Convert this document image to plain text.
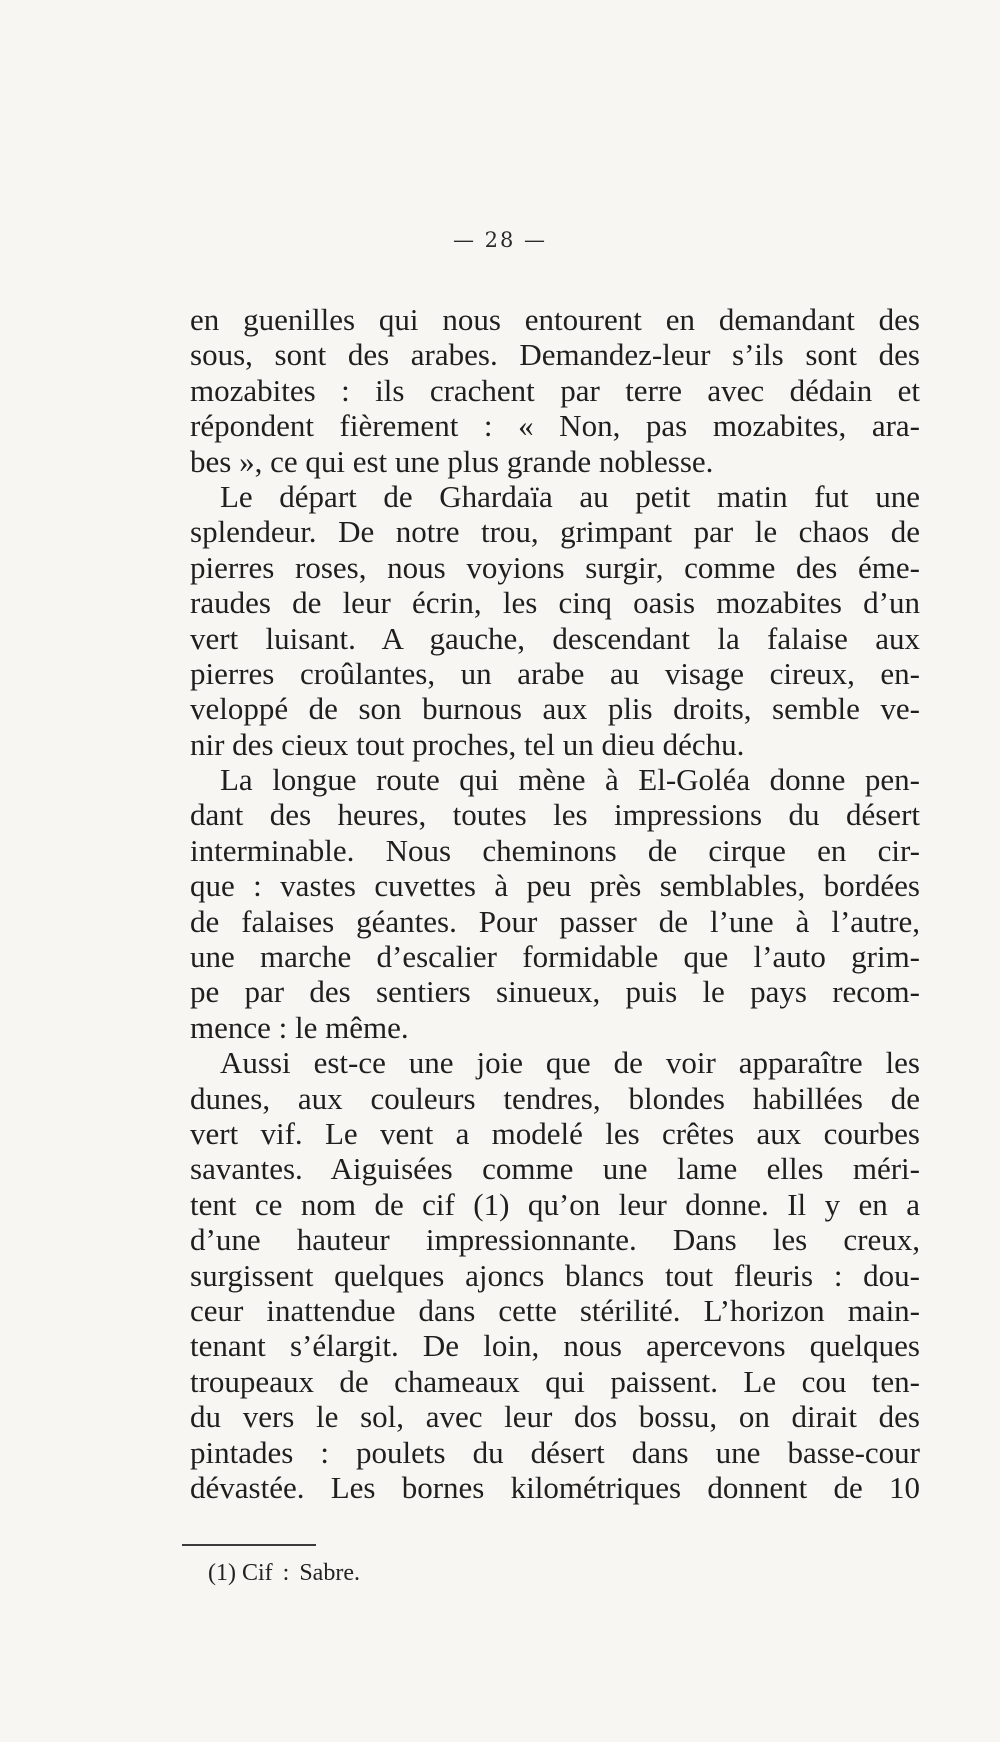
— 28 —
en guenilles qui nous entourent en demandant des
sous, sont des arabes. Demandez-leur s’ils sont des
mozabites : ils crachent par terre avec dédain et
répondent fièrement : « Non, pas mozabites, ara-
bes », ce qui est une plus grande noblesse.
Le départ de Ghardaïa au petit matin fut une
splendeur. De notre trou, grimpant par le chaos de
pierres roses, nous voyions surgir, comme des éme-
raudes de leur écrin, les cinq oasis mozabites d’un
vert luisant. A gauche, descendant la falaise aux
pierres croûlantes, un arabe au visage cireux, en-
veloppé de son burnous aux plis droits, semble ve-
nir des cieux tout proches, tel un dieu déchu.
La longue route qui mène à El-Goléa donne pen-
dant des heures, toutes les impressions du désert
interminable. Nous cheminons de cirque en cir-
que : vastes cuvettes à peu près semblables, bordées
de falaises géantes. Pour passer de l’une à l’autre,
une marche d’escalier formidable que l’auto grim-
pe par des sentiers sinueux, puis le pays recom-
mence : le même.
Aussi est-ce une joie que de voir apparaître les
dunes, aux couleurs tendres, blondes habillées de
vert vif. Le vent a modelé les crêtes aux courbes
savantes. Aiguisées comme une lame elles méri-
tent ce nom de cif (1) qu’on leur donne. Il y en a
d’une hauteur impressionnante. Dans les creux,
surgissent quelques ajoncs blancs tout fleuris : dou-
ceur inattendue dans cette stérilité. L’horizon main-
tenant s’élargit. De loin, nous apercevons quelques
troupeaux de chameaux qui paissent. Le cou ten-
du vers le sol, avec leur dos bossu, on dirait des
pintades : poulets du désert dans une basse-cour
dévastée. Les bornes kilométriques donnent de 10
(1) Cif : Sabre.
